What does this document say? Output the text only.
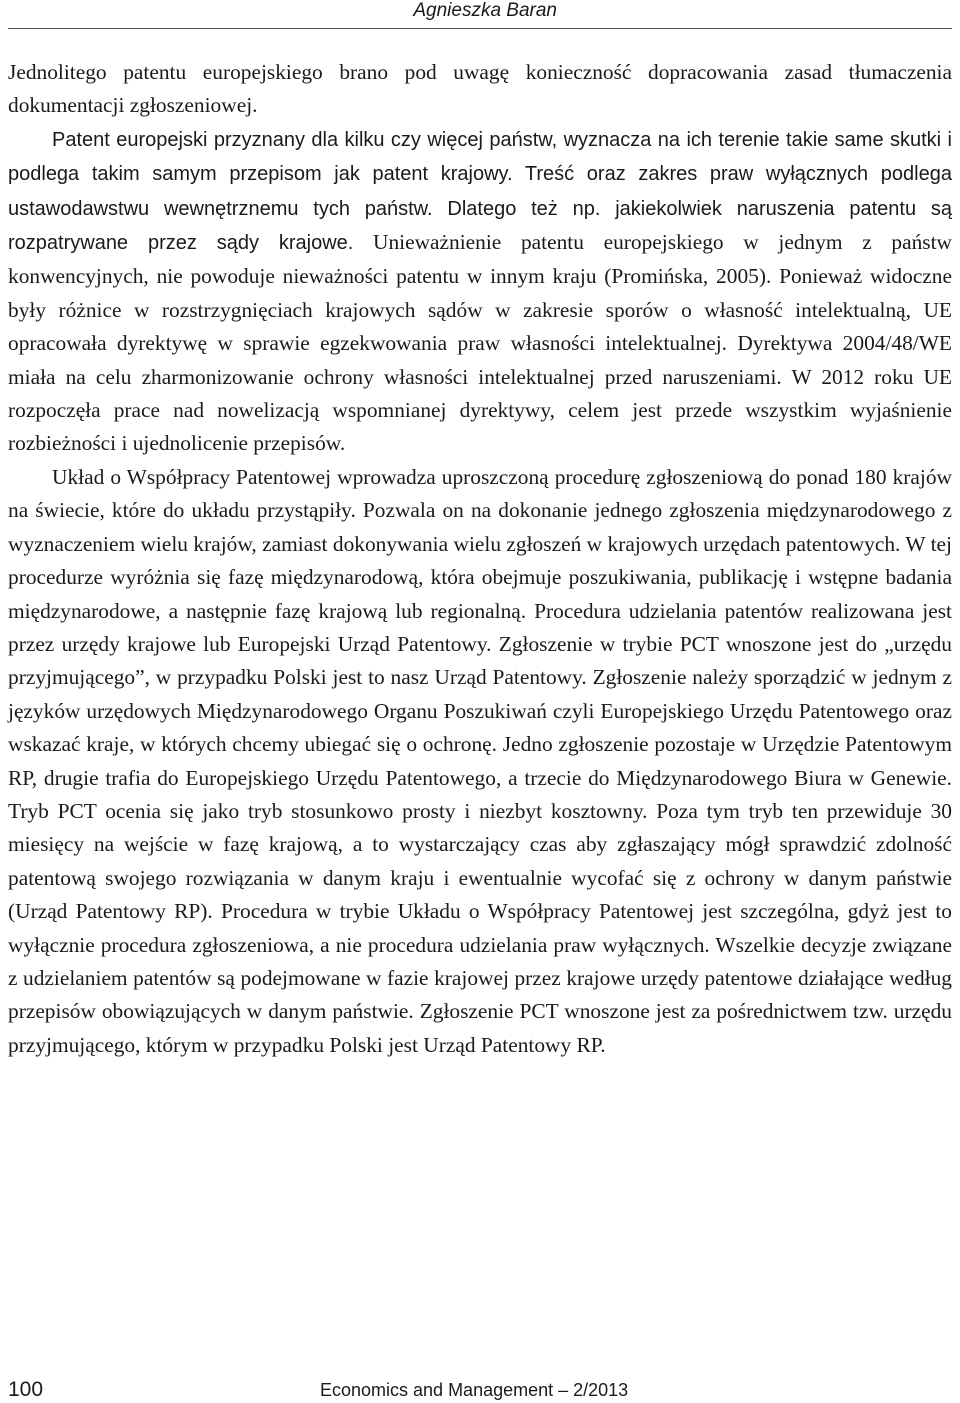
Agnieszka Baran

Jednolitego patentu europejskiego brano pod uwagę konieczność dopracowania zasad tłumaczenia dokumentacji zgłoszeniowej.

Patent europejski przyznany dla kilku czy więcej państw, wyznacza na ich terenie takie same skutki i podlega takim samym przepisom jak patent krajowy. Treść oraz zakres praw wyłącznych podlega ustawodawstwu wewnętrznemu tych państw. Dlatego też np. jakiekolwiek naruszenia patentu są rozpatrywane przez sądy krajowe. Unieważnienie patentu europejskiego w jednym z państw konwencyjnych, nie powoduje nieważności patentu w innym kraju (Promińska, 2005). Ponieważ widoczne były różnice w rozstrzygnięciach krajowych sądów w zakresie sporów o własność intelektualną, UE opracowała dyrektywę w sprawie egzekwowania praw własności intelektualnej. Dyrektywa 2004/48/WE miała na celu zharmonizowanie ochrony własności intelektualnej przed naruszeniami. W 2012 roku UE rozpoczęła prace nad nowelizacją wspomnianej dyrektywy, celem jest przede wszystkim wyjaśnienie rozbieżności i ujednolicenie przepisów.

Układ o Współpracy Patentowej wprowadza uproszczoną procedurę zgłoszeniową do ponad 180 krajów na świecie, które do układu przystąpiły. Pozwala on na dokonanie jednego zgłoszenia międzynarodowego z wyznaczeniem wielu krajów, zamiast dokonywania wielu zgłoszeń w krajowych urzędach patentowych. W tej procedurze wyróżnia się fazę międzynarodową, która obejmuje poszukiwania, publikację i wstępne badania międzynarodowe, a następnie fazę krajową lub regionalną. Procedura udzielania patentów realizowana jest przez urzędy krajowe lub Europejski Urząd Patentowy. Zgłoszenie w trybie PCT wnoszone jest do „urzędu przyjmującego”, w przypadku Polski jest to nasz Urząd Patentowy. Zgłoszenie należy sporządzić w jednym z języków urzędowych Międzynarodowego Organu Poszukiwań czyli Europejskiego Urzędu Patentowego oraz wskazać kraje, w których chcemy ubiegać się o ochronę. Jedno zgłoszenie pozostaje w Urzędzie Patentowym RP, drugie trafia do Europejskiego Urzędu Patentowego, a trzecie do Międzynarodowego Biura w Genewie. Tryb PCT ocenia się jako tryb stosunkowo prosty i niezbyt kosztowny. Poza tym tryb ten przewiduje 30 miesięcy na wejście w fazę krajową, a to wystarczający czas aby zgłaszający mógł sprawdzić zdolność patentową swojego rozwiązania w danym kraju i ewentualnie wycofać się z ochrony w danym państwie (Urząd Patentowy RP). Procedura w trybie Układu o Współpracy Patentowej jest szczególna, gdyż jest to wyłącznie procedura zgłoszeniowa, a nie procedura udzielania praw wyłącznych. Wszelkie decyzje związane z udzielaniem patentów są podejmowane w fazie krajowej przez krajowe urzędy patentowe działające według przepisów obowiązujących w danym państwie. Zgłoszenie PCT wnoszone jest za pośrednictwem tzw. urzędu przyjmującego, którym w przypadku Polski jest Urząd Patentowy RP.

100	Economics and Management – 2/2013
